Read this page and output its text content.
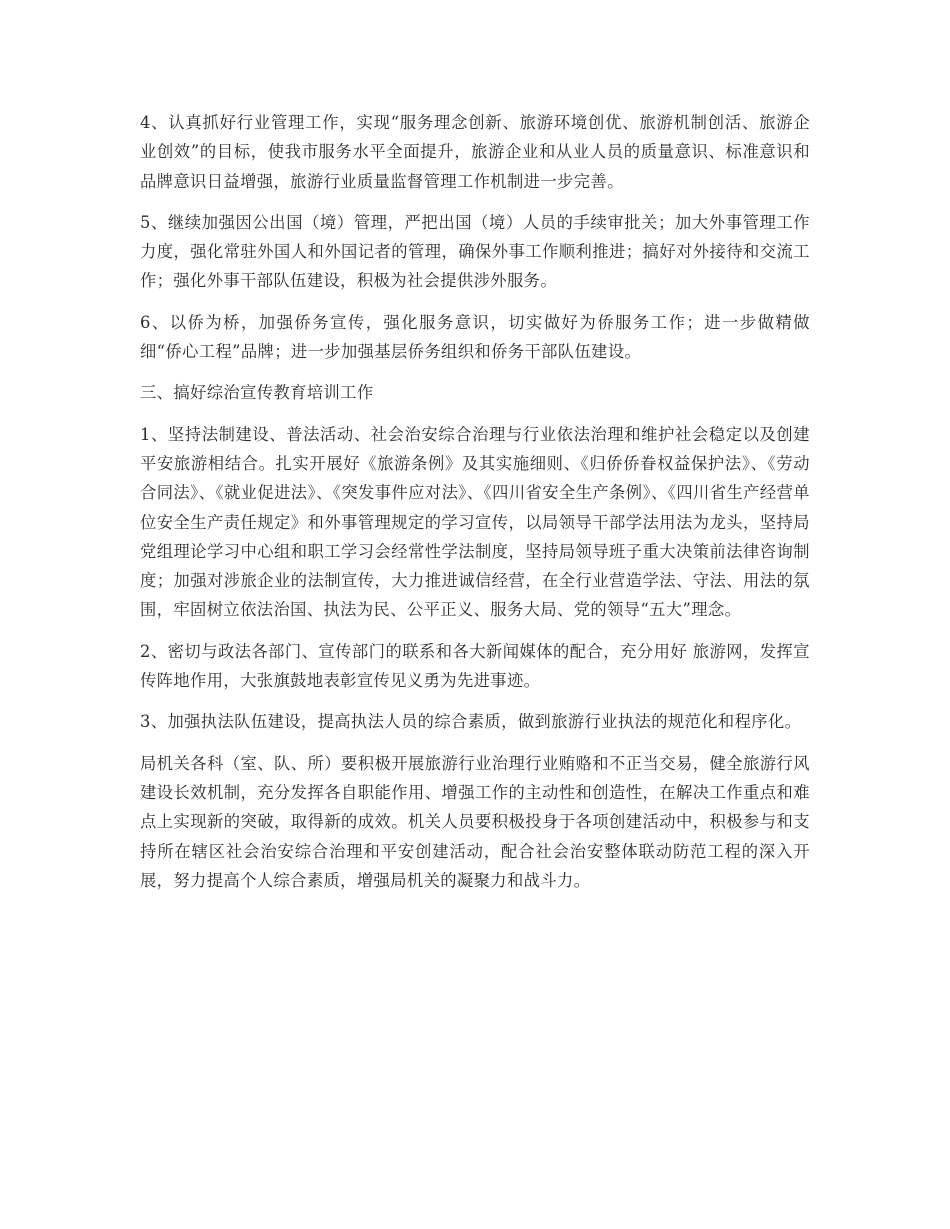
4、认真抓好行业管理工作，实现“服务理念创新、旅游环境创优、旅游机制创活、旅游企业创效”的目标，使我市服务水平全面提升，旅游企业和从业人员的质量意识、标准意识和品牌意识日益增强，旅游行业质量监督管理工作机制进一步完善。

5、继续加强因公出国（境）管理，严把出国（境）人员的手续审批关；加大外事管理工作力度，强化常驻外国人和外国记者的管理，确保外事工作顺利推进；搞好对外接待和交流工作；强化外事干部队伍建设，积极为社会提供涉外服务。

6、以侨为桥，加强侨务宣传，强化服务意识，切实做好为侨服务工作；进一步做精做细“侨心工程”品牌；进一步加强基层侨务组织和侨务干部队伍建设。

三、搞好综治宣传教育培训工作

1、坚持法制建设、普法活动、社会治安综合治理与行业依法治理和维护社会稳定以及创建平安旅游相结合。扎实开展好《旅游条例》及其实施细则、《归侨侨眷权益保护法》、《劳动合同法》、《就业促进法》、《突发事件应对法》、《四川省安全生产条例》、《四川省生产经营单位安全生产责任规定》和外事管理规定的学习宣传，以局领导干部学法用法为龙头，坚持局党组理论学习中心组和职工学习会经常性学法制度，坚持局领导班子重大决策前法律咨询制度；加强对涉旅企业的法制宣传，大力推进诚信经营，在全行业营造学法、守法、用法的氛围，牢固树立依法治国、执法为民、公平正义、服务大局、党的领导“五大”理念。

2、密切与政法各部门、宣传部门的联系和各大新闻媒体的配合，充分用好 旅游网，发挥宣传阵地作用，大张旗鼓地表彰宣传见义勇为先进事迹。

3、加强执法队伍建设，提高执法人员的综合素质，做到旅游行业执法的规范化和程序化。

局机关各科（室、队、所）要积极开展旅游行业治理行业贿赂和不正当交易，健全旅游行风建设长效机制，充分发挥各自职能作用、增强工作的主动性和创造性，在解决工作重点和难点上实现新的突破，取得新的成效。机关人员要积极投身于各项创建活动中，积极参与和支持所在辖区社会治安综合治理和平安创建活动，配合社会治安整体联动防范工程的深入开展，努力提高个人综合素质，增强局机关的凝聚力和战斗力。
